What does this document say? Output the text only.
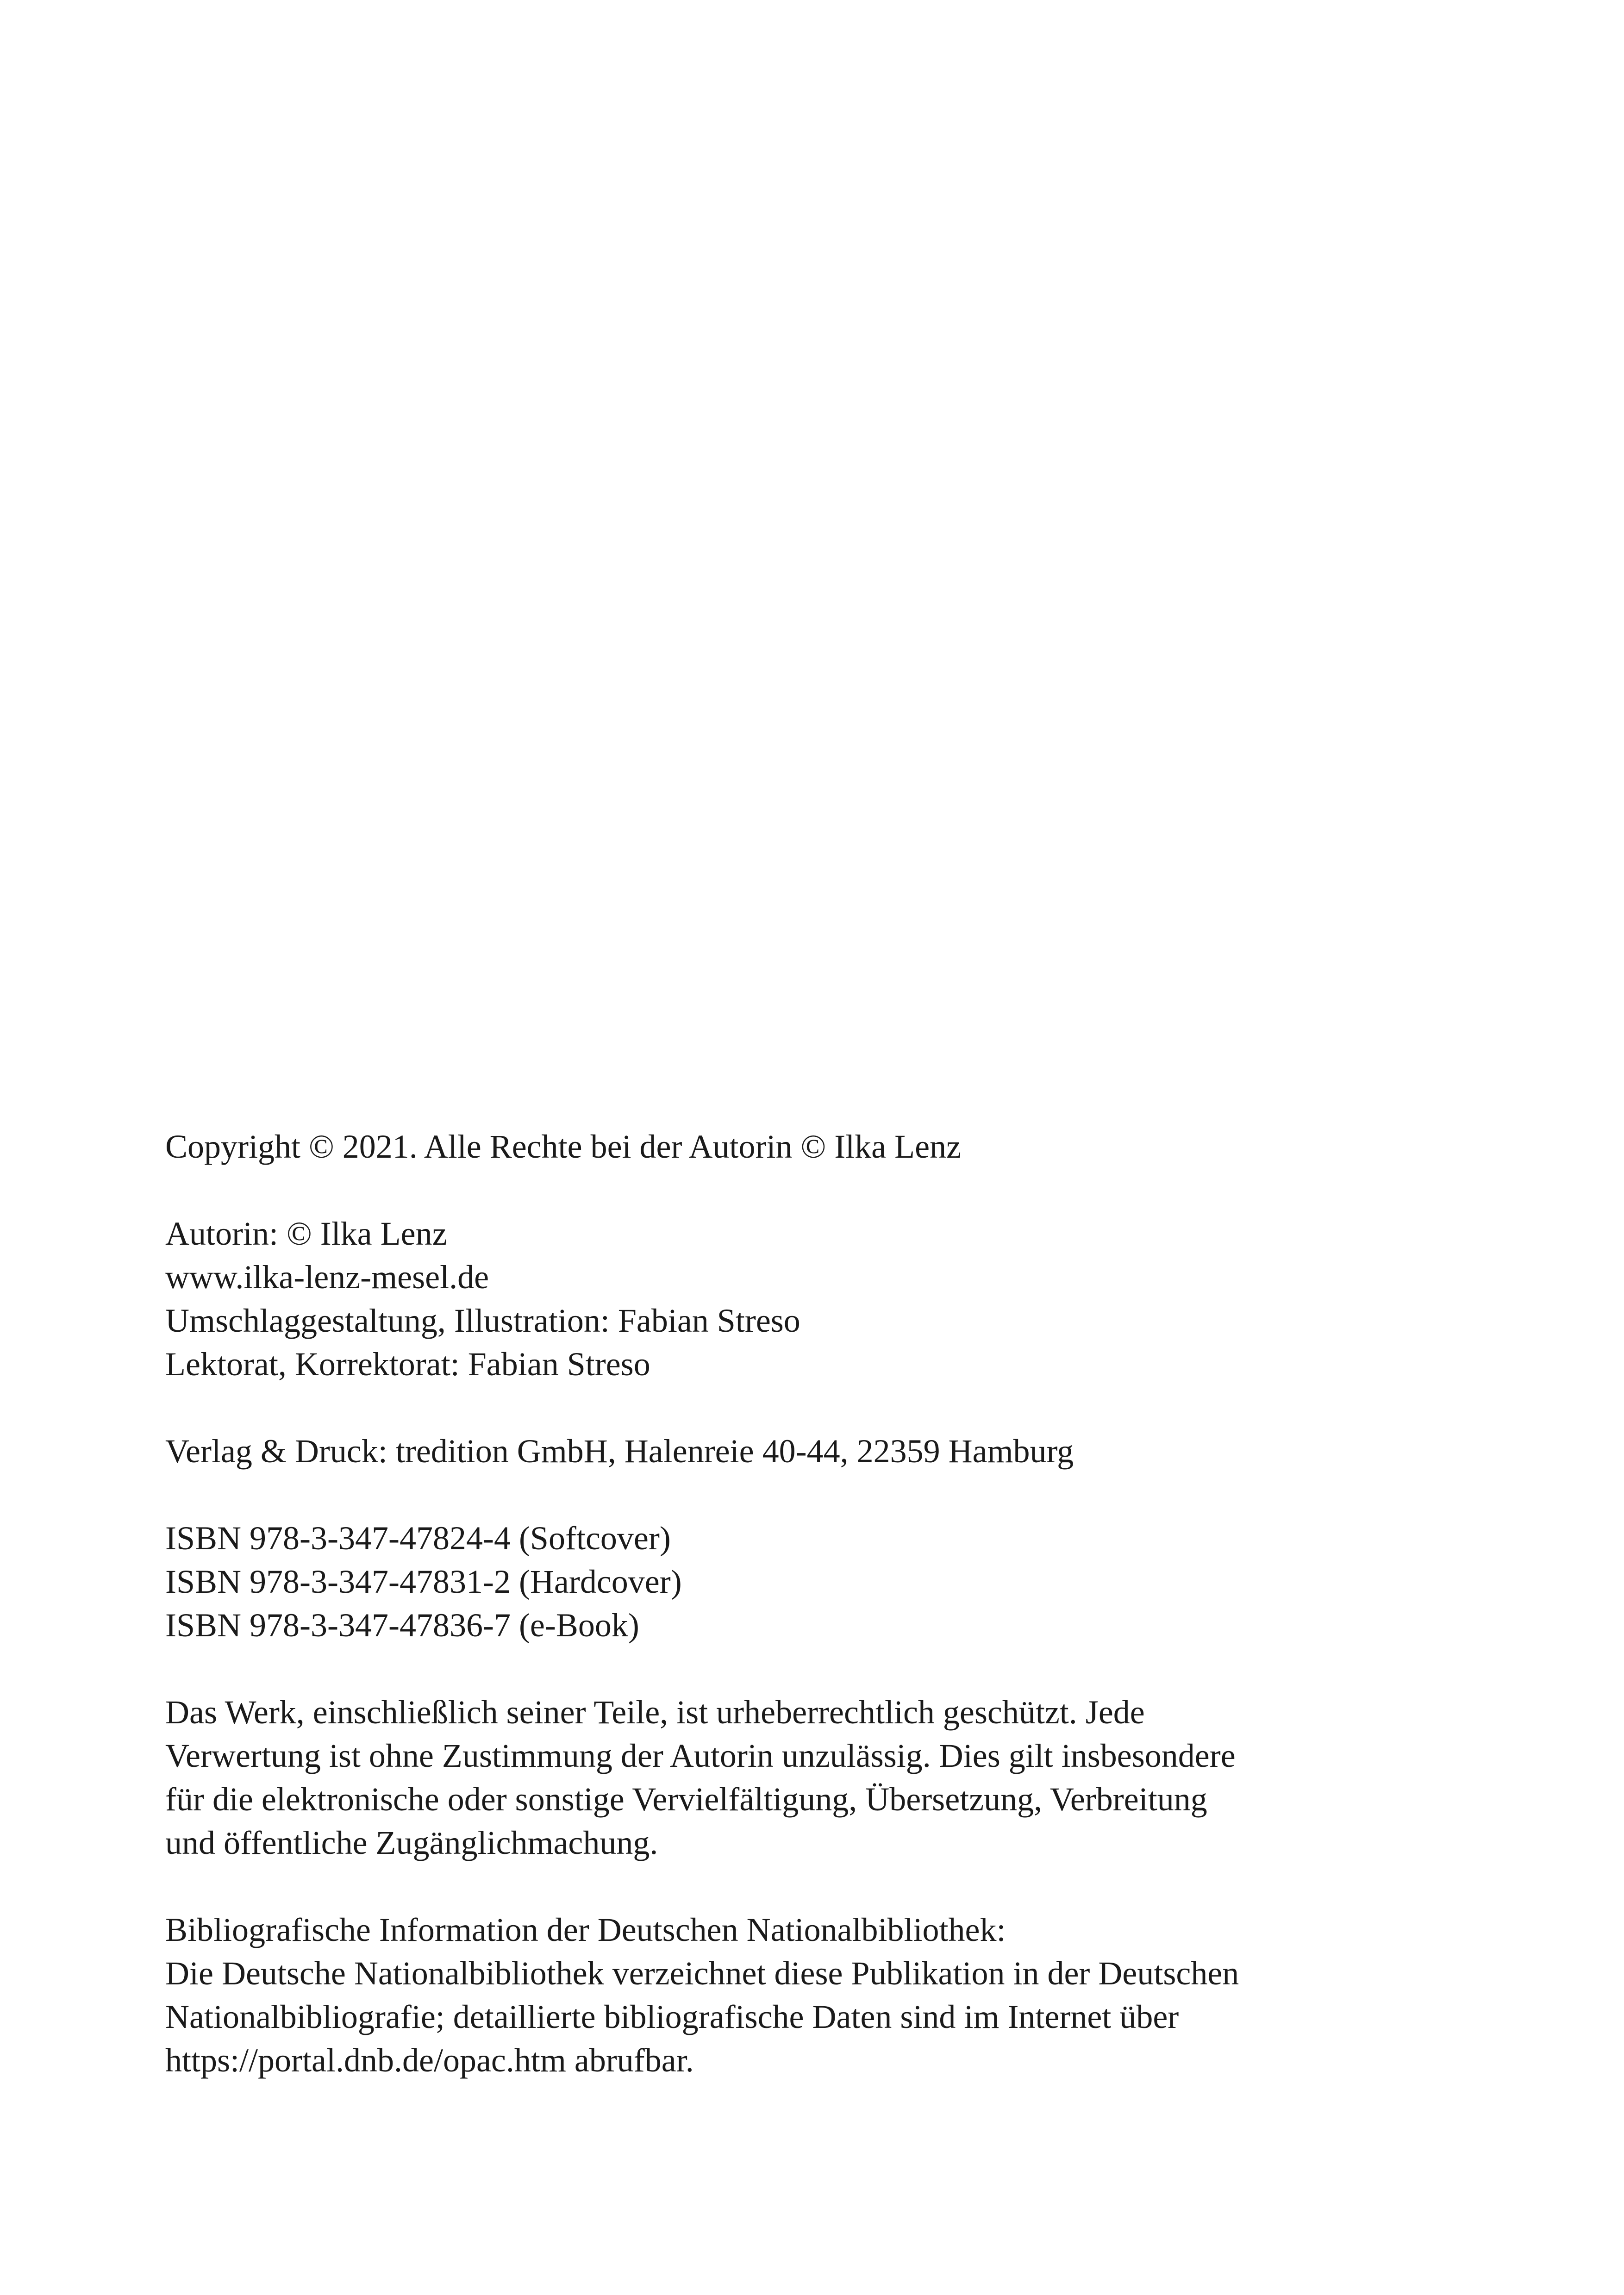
Copyright © 2021. Alle Rechte bei der Autorin © Ilka Lenz
Autorin: © Ilka Lenz
www.ilka-lenz-mesel.de
Umschlaggestaltung, Illustration: Fabian Streso
Lektorat, Korrektorat: Fabian Streso
Verlag & Druck: tredition GmbH, Halenreie 40-44, 22359 Hamburg
ISBN 978-3-347-47824-4 (Softcover)
ISBN 978-3-347-47831-2 (Hardcover)
ISBN 978-3-347-47836-7 (e-Book)
Das Werk, einschließlich seiner Teile, ist urheberrechtlich geschützt. Jede
Verwertung ist ohne Zustimmung der Autorin unzulässig. Dies gilt insbesondere
für die elektronische oder sonstige Vervielfältigung, Übersetzung, Verbreitung
und öffentliche Zugänglichmachung.
Bibliografische Information der Deutschen Nationalbibliothek:
Die Deutsche Nationalbibliothek verzeichnet diese Publikation in der Deutschen
Nationalbibliografie; detaillierte bibliografische Daten sind im Internet über
https://portal.dnb.de/opac.htm abrufbar.
